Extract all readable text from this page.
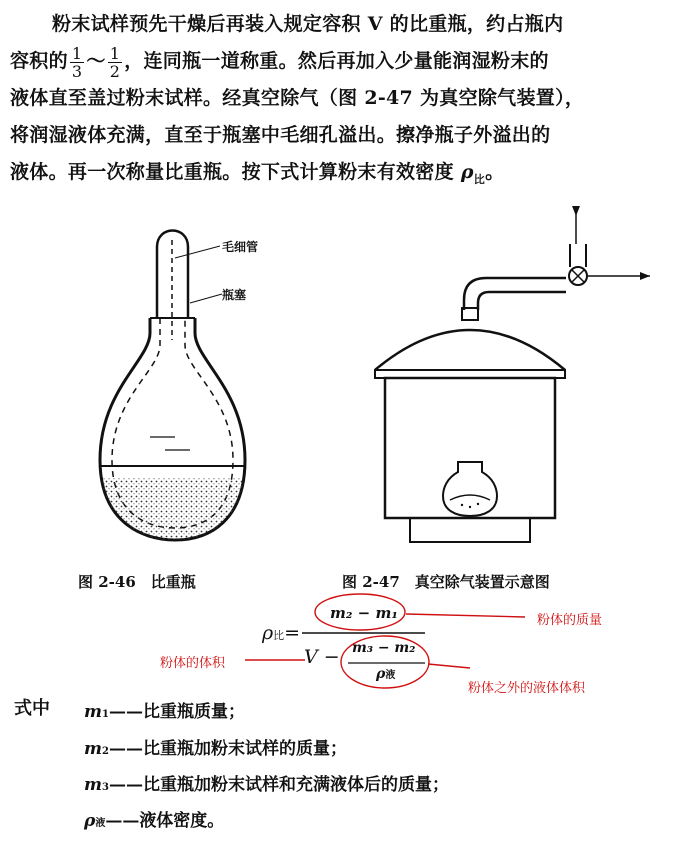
粉末试样预先干燥后再装入规定容积 V 的比重瓶，约占瓶内
容积的 $\frac{1}{3}$ ～ $\frac{1}{2}$ ，连同瓶一道称重。然后再加入少量能润湿粉末的
液体直至盖过粉末试样。经真空除气（图 2-47 为真空除气装置），
将润湿液体充满，直至于瓶塞中毛细孔溢出。擦净瓶子外溢出的
液体。再一次称量比重瓶。按下式计算粉末有效密度 $\rho_比$。
毛细管
瓶塞
图 2-46　比重瓶	图 2-47　真空除气装置示意图
ρ比=
m₂ − m₁
V − m₃ − m₂
ρ液
粉体的质量
粉体的体积
粉体之外的液体体积
式中 m1——比重瓶质量；
m2——比重瓶加粉末试样的质量；
m3——比重瓶加粉末试样和充满液体后的质量；
ρ液——液体密度。
